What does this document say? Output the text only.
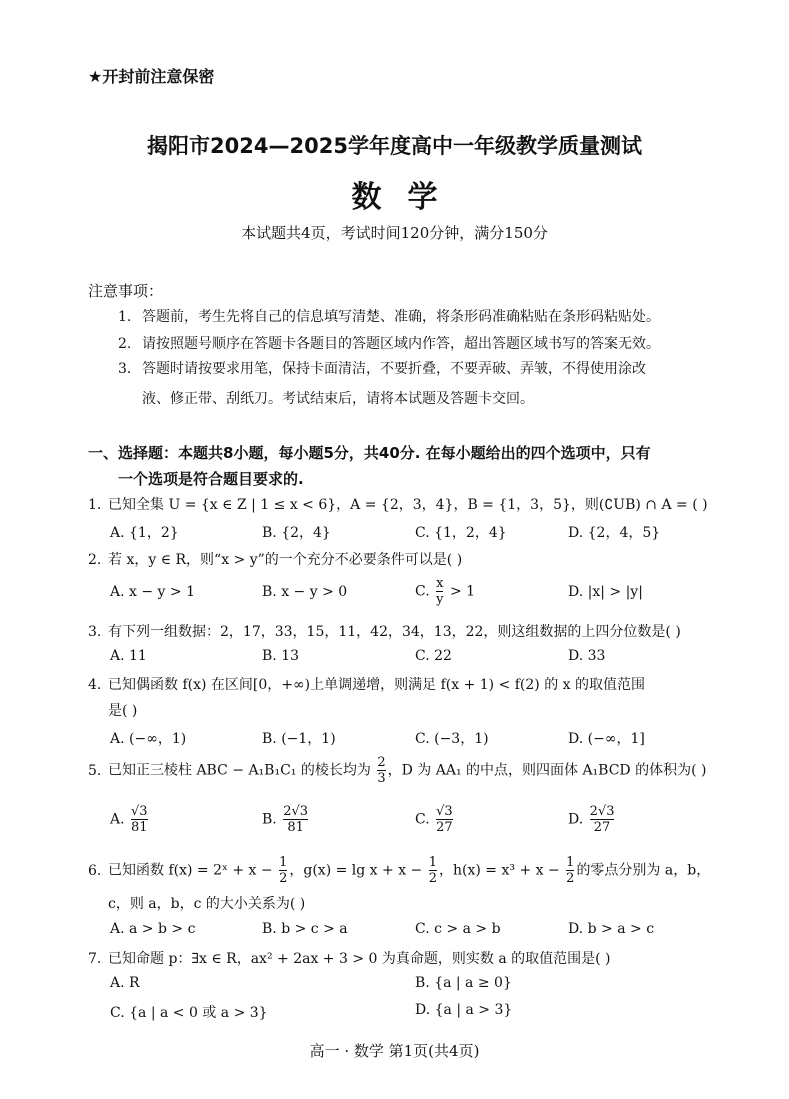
★开封前注意保密
揭阳市2024—2025学年度高中一年级教学质量测试
数学
本试题共4页，考试时间120分钟，满分150分
注意事项：
1. 答题前，考生先将自己的信息填写清楚、准确，将条形码准确粘贴在条形码粘贴处。
2. 请按照题号顺序在答题卡各题目的答题区域内作答，超出答题区域书写的答案无效。
3. 答题时请按要求用笔，保持卡面清洁，不要折叠，不要弄破、弄皱，不得使用涂改
液、修正带、刮纸刀。考试结束后，请将本试题及答题卡交回。
一、选择题：本题共8小题，每小题5分，共40分. 在每小题给出的四个选项中，只有
一个选项是符合题目要求的.
1. 已知全集 U = {x ∈ Z | 1 ≤ x < 6}，A = {2，3，4}，B = {1，3，5}，则(∁UB) ∩ A = ( )
A. {1，2}	B. {2，4}	C. {1，2，4}	D. {2，4，5}
2. 若 x，y ∈ R，则“x > y”的一个充分不必要条件可以是( )
A. x − y > 1	B. x − y > 0	C. $\frac{x}{y} > 1$	D. |x| > |y|
3. 有下列一组数据：2，17，33，15，11，42，34，13，22，则这组数据的上四分位数是( )
A. 11	B. 13	C. 22	D. 33
4. 已知偶函数 f(x) 在区间[0，+∞)上单调递增，则满足 f(x + 1) < f(2) 的 x 的取值范围
是( )
A. (−∞，1)	B. (−1，1)	C. (−3，1)	D. (−∞，1]
5. 已知正三棱柱 ABC − A₁B₁C₁ 的棱长均为 $\frac{2}{3}$ ，D 为 AA₁ 的中点，则四面体 A₁BCD 的体积为( )
A. $\frac{√3}{81}$	B. $\frac{2√3}{81}$	C. $\frac{√3}{27}$	D. $\frac{2√3}{27}$
6. 已知函数 f(x) = 2ˣ + $x - \frac{1}{2}$ ，$g(x) = \lg x + x - \frac{1}{2}$ ，$h(x) = x^3 + x - \frac{1}{2}$ 的零点分别为 a，b，
c，则 a，b，c 的大小关系为( )
A. a > b > c	B. b > c > a	C. c > a > b	D. b > a > c
7. 已知命题 p：∃x ∈ R，ax² + 2ax + 3 > 0 为真命题，则实数 a 的取值范围是( )
A. R	B. {a | a ≥ 0}
C. {a | a < 0 或 a > 3}	D. {a | a > 3}
高一 · 数学 第1页(共4页)
